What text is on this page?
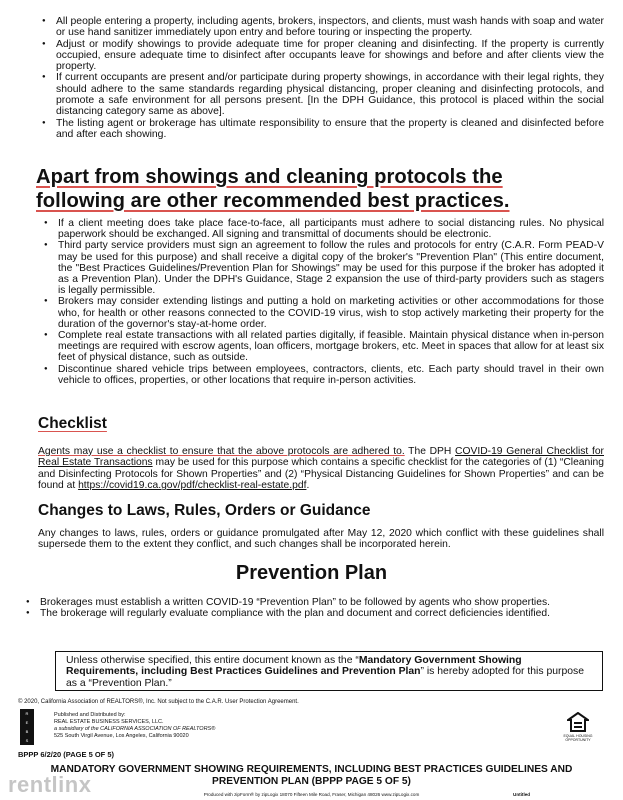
● All people entering a property, including agents, brokers, inspectors, and clients, must wash hands with soap and water or use hand sanitizer immediately upon entry and before touring or inspecting the property.
● Adjust or modify showings to provide adequate time for proper cleaning and disinfecting. If the property is currently occupied, ensure adequate time to disinfect after occupants leave for showings and before and after clients view the property.
● If current occupants are present and/or participate during property showings, in accordance with their legal rights, they should adhere to the same standards regarding physical distancing, proper cleaning and disinfecting protocols, and promote a safe environment for all persons present. [In the DPH Guidance, this protocol is placed within the social distancing category same as above].
● The listing agent or brokerage has ultimate responsibility to ensure that the property is cleaned and disinfected before and after each showing.
Apart from showings and cleaning protocols the following are other recommended best practices.
● If a client meeting does take place face-to-face, all participants must adhere to social distancing rules. No physical paperwork should be exchanged. All signing and transmittal of documents should be electronic.
● Third party service providers must sign an agreement to follow the rules and protocols for entry (C.A.R. Form PEAD-V may be used for this purpose) and shall receive a digital copy of the broker's "Prevention Plan" (This entire document, the "Best Practices Guidelines/Prevention Plan for Showings" may be used for this purpose if the broker has adopted it as a Prevention Plan). Under the DPH's Guidance, Stage 2 expansion the use of third-party providers such as stagers is legally permissible.
● Brokers may consider extending listings and putting a hold on marketing activities or other accommodations for those who, for health or other reasons connected to the COVID-19 virus, wish to stop actively marketing their property for the duration of the governor's stay-at-home order.
● Complete real estate transactions with all related parties digitally, if feasible. Maintain physical distance when in-person meetings are required with escrow agents, loan officers, mortgage brokers, etc. Meet in spaces that allow for at least six feet of physical distance, such as outside.
● Discontinue shared vehicle trips between employees, contractors, clients, etc. Each party should travel in their own vehicle to offices, properties, or other locations that require in-person activities.
Checklist
Agents may use a checklist to ensure that the above protocols are adhered to. The DPH COVID-19 General Checklist for Real Estate Transactions may be used for this purpose which contains a specific checklist for the categories of (1) “Cleaning and Disinfecting Protocols for Shown Properties” and (2) “Physical Distancing Guidelines for Shown Properties” and can be found at https://covid19.ca.gov/pdf/checklist-real-estate.pdf.
Changes to Laws, Rules, Orders or Guidance
Any changes to laws, rules, orders or guidance promulgated after May 12, 2020 which conflict with these guidelines shall supersede them to the extent they conflict, and such changes shall be incorporated herein.
Prevention Plan
● Brokerages must establish a written COVID-19 “Prevention Plan” to be followed by agents who show properties.
● The brokerage will regularly evaluate compliance with the plan and document and correct deficiencies identified.
Unless otherwise specified, this entire document known as the “Mandatory Government Showing Requirements, including Best Practices Guidelines and Prevention Plan” is hereby adopted for this purpose as a “Prevention Plan.”
© 2020, California Association of REALTORS®, Inc. Not subject to the C.A.R. User Protection Agreement.
R
E
B
S
Published and Distributed by:
REAL ESTATE BUSINESS SERVICES, LLC.
a subsidiary of the CALIFORNIA ASSOCIATION OF REALTORS®
525 South Virgil Avenue, Los Angeles, California 90020	EQUAL HOUSING OPPORTUNITY
BPPP 6/2/20 (PAGE 5 OF 5)
MANDATORY GOVERNMENT SHOWING REQUIREMENTS, INCLUDING BEST PRACTICES GUIDELINES AND
PREVENTION PLAN (BPPP PAGE 5 OF 5)
Produced with zipForm® by zipLogix 18070 Fifteen Mile Road, Fraser, Michigan 48026 www.zipLogix.com	Untitled
rentlinx
